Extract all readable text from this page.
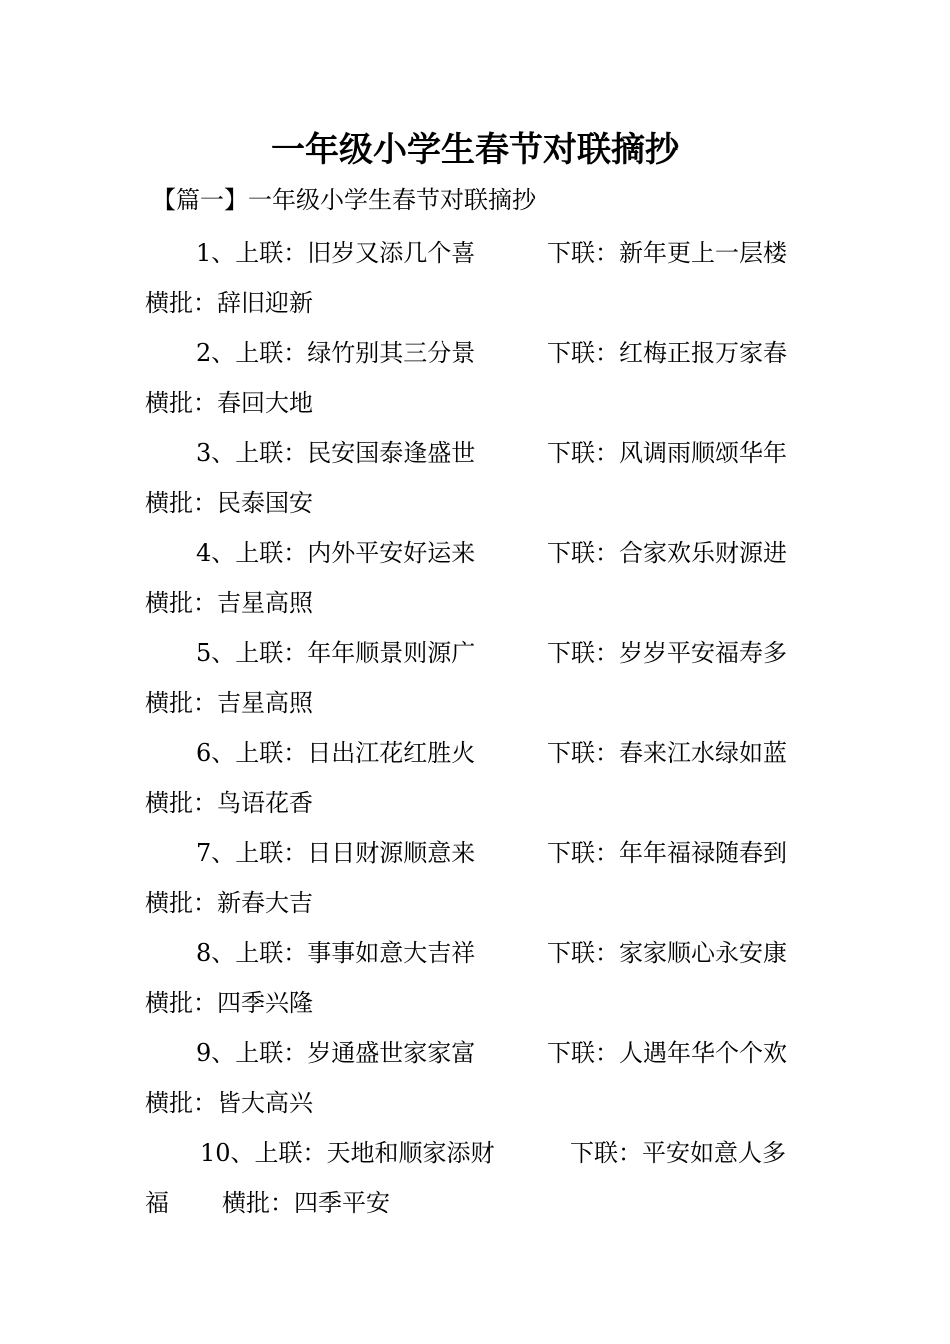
一年级小学生春节对联摘抄
【篇一】一年级小学生春节对联摘抄
1、上联：旧岁又添几个喜	下联：新年更上一层楼
横批：辞旧迎新
2、上联：绿竹别其三分景	下联：红梅正报万家春
横批：春回大地
3、上联：民安国泰逢盛世	下联：风调雨顺颂华年
横批：民泰国安
4、上联：内外平安好运来	下联：合家欢乐财源进
横批：吉星高照
5、上联：年年顺景则源广	下联：岁岁平安福寿多
横批：吉星高照
6、上联：日出江花红胜火	下联：春来江水绿如蓝
横批：鸟语花香
7、上联：日日财源顺意来	下联：年年福禄随春到
横批：新春大吉
8、上联：事事如意大吉祥	下联：家家顺心永安康
横批：四季兴隆
9、上联：岁通盛世家家富	下联：人遇年华个个欢
横批：皆大高兴
10、上联：天地和顺家添财	下联：平安如意人多
福 横批：四季平安
